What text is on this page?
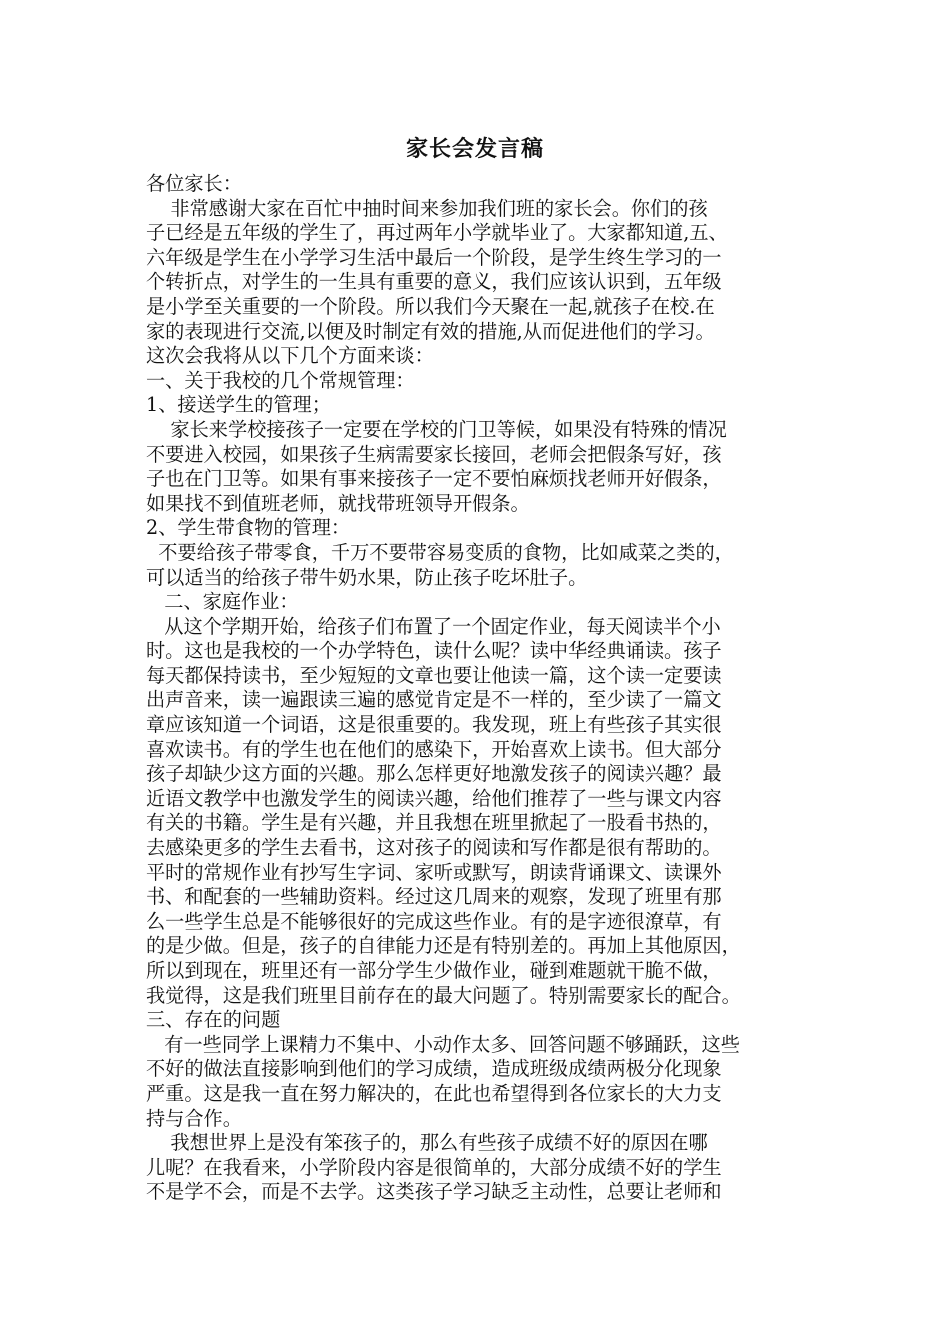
家长会发言稿
各位家长：
非常感谢大家在百忙中抽时间来参加我们班的家长会。你们的孩
子已经是五年级的学生了，再过两年小学就毕业了。大家都知道,五、
六年级是学生在小学学习生活中最后一个阶段，是学生终生学习的一
个转折点，对学生的一生具有重要的意义，我们应该认识到，五年级
是小学至关重要的一个阶段。所以我们今天聚在一起,就孩子在校.在
家的表现进行交流,以便及时制定有效的措施,从而促进他们的学习。
这次会我将从以下几个方面来谈：
一、关于我校的几个常规管理：
1、接送学生的管理；
家长来学校接孩子一定要在学校的门卫等候，如果没有特殊的情况
不要进入校园，如果孩子生病需要家长接回，老师会把假条写好，孩
子也在门卫等。如果有事来接孩子一定不要怕麻烦找老师开好假条，
如果找不到值班老师，就找带班领导开假条。
2、学生带食物的管理：
不要给孩子带零食，千万不要带容易变质的食物，比如咸菜之类的，
可以适当的给孩子带牛奶水果，防止孩子吃坏肚子。
二、家庭作业：
从这个学期开始，给孩子们布置了一个固定作业，每天阅读半个小
时。这也是我校的一个办学特色，读什么呢？读中华经典诵读。孩子
每天都保持读书，至少短短的文章也要让他读一篇，这个读一定要读
出声音来，读一遍跟读三遍的感觉肯定是不一样的，至少读了一篇文
章应该知道一个词语，这是很重要的。我发现，班上有些孩子其实很
喜欢读书。有的学生也在他们的感染下，开始喜欢上读书。但大部分
孩子却缺少这方面的兴趣。那么怎样更好地激发孩子的阅读兴趣？最
近语文教学中也激发学生的阅读兴趣，给他们推荐了一些与课文内容
有关的书籍。学生是有兴趣，并且我想在班里掀起了一股看书热的，
去感染更多的学生去看书，这对孩子的阅读和写作都是很有帮助的。
平时的常规作业有抄写生字词、家听或默写，朗读背诵课文、读课外
书、和配套的一些辅助资料。经过这几周来的观察，发现了班里有那
么一些学生总是不能够很好的完成这些作业。有的是字迹很潦草，有
的是少做。但是，孩子的自律能力还是有特别差的。再加上其他原因，
所以到现在，班里还有一部分学生少做作业，碰到难题就干脆不做，
我觉得，这是我们班里目前存在的最大问题了。特别需要家长的配合。
三、存在的问题
有一些同学上课精力不集中、小动作太多、回答问题不够踊跃，这些
不好的做法直接影响到他们的学习成绩，造成班级成绩两极分化现象
严重。这是我一直在努力解决的，在此也希望得到各位家长的大力支
持与合作。
我想世界上是没有笨孩子的，那么有些孩子成绩不好的原因在哪
儿呢？在我看来，小学阶段内容是很简单的，大部分成绩不好的学生
不是学不会，而是不去学。这类孩子学习缺乏主动性，总要让老师和
